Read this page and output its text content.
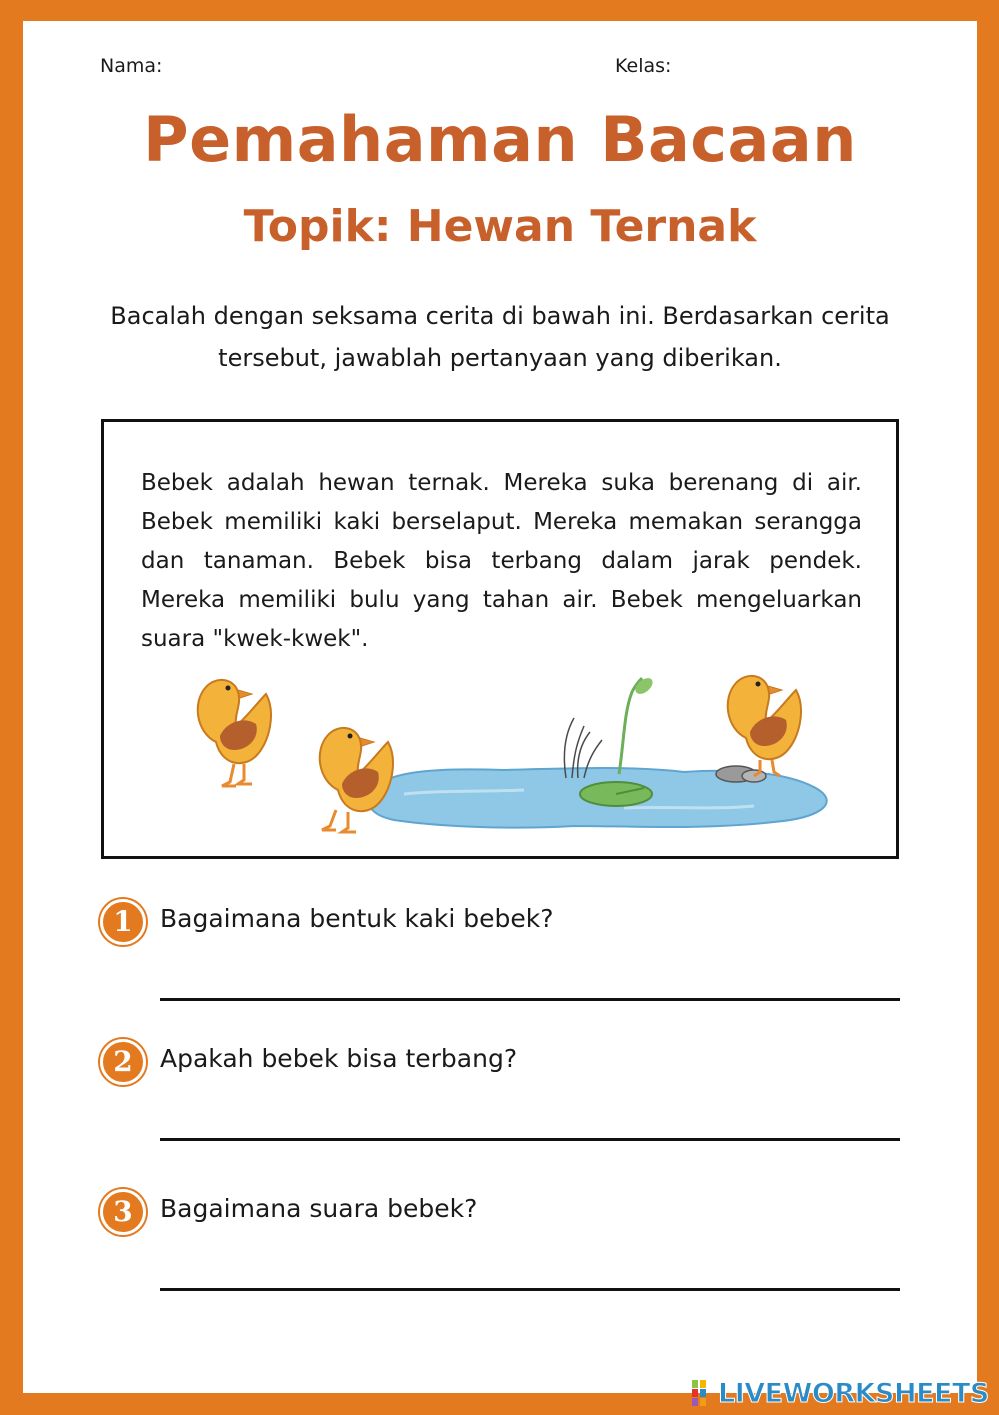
Nama:	Kelas:
Pemahaman Bacaan
Topik: Hewan Ternak
Bacalah dengan seksama cerita di bawah ini. Berdasarkan cerita tersebut, jawablah pertanyaan yang diberikan.
Bebek adalah hewan ternak. Mereka suka berenang di air. Bebek memiliki kaki berselaput. Mereka memakan serangga dan tanaman. Bebek bisa terbang dalam jarak pendek. Mereka memiliki bulu yang tahan air. Bebek mengeluarkan suara "kwek-kwek".
1	Bagaimana bentuk kaki bebek?
2	Apakah bebek bisa terbang?
3	Bagaimana suara bebek?
LIVEWORKSHEETS
